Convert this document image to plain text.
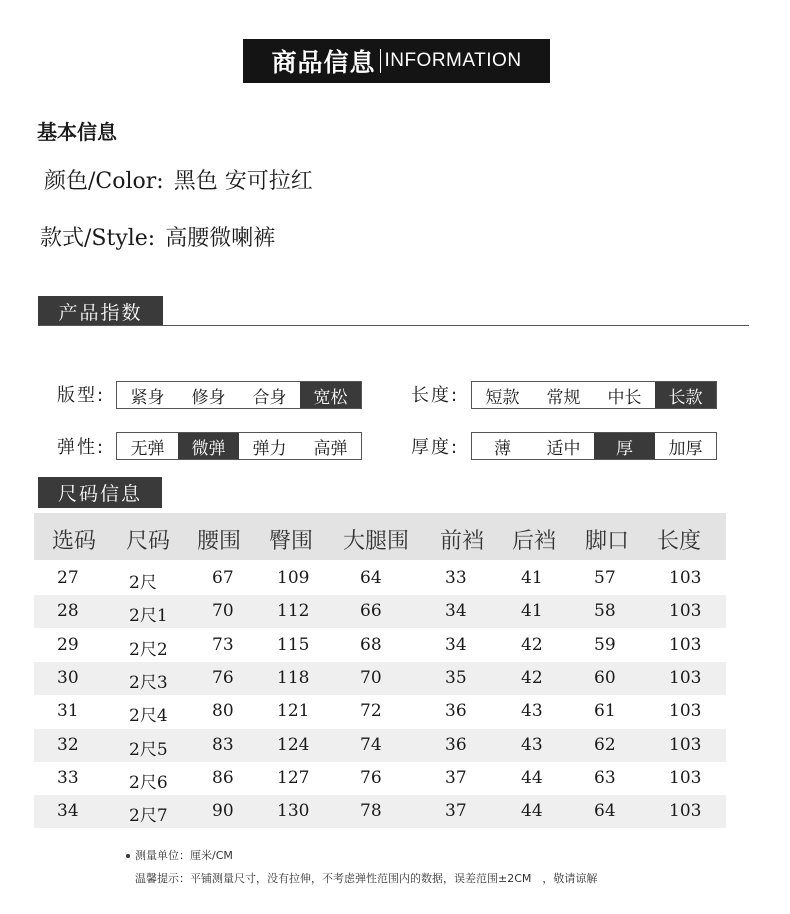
商品信息 INFORMATION
基本信息
颜色/Color: 黑色 安可拉红
款式/Style: 高腰微喇裤
产品指数
版型:	紧身	修身	合身	宽松	长度:	短款	常规	中长	长款
弹性:	无弹	微弹	弹力	高弹	厚度:	薄	适中	厚	加厚
尺码信息
选码 尺码 腰围 臀围 大腿围 前裆 后裆 脚口 长度
27	2尺	67	109	64	33	41	57	103
28	2尺1	70	112	66	34	41	58	103
29	2尺2	73	115	68	34	42	59	103
30	2尺3	76	118	70	35	42	60	103
31	2尺4	80	121	72	36	43	61	103
32	2尺5	83	124	74	36	43	62	103
33	2尺6	86	127	76	37	44	63	103
34	2尺7	90	130	78	37	44	64	103
测量单位：厘米/CM
温馨提示：平铺测量尺寸，没有拉伸，不考虑弹性范围内的数据，误差范围±2CM　，敬请谅解
